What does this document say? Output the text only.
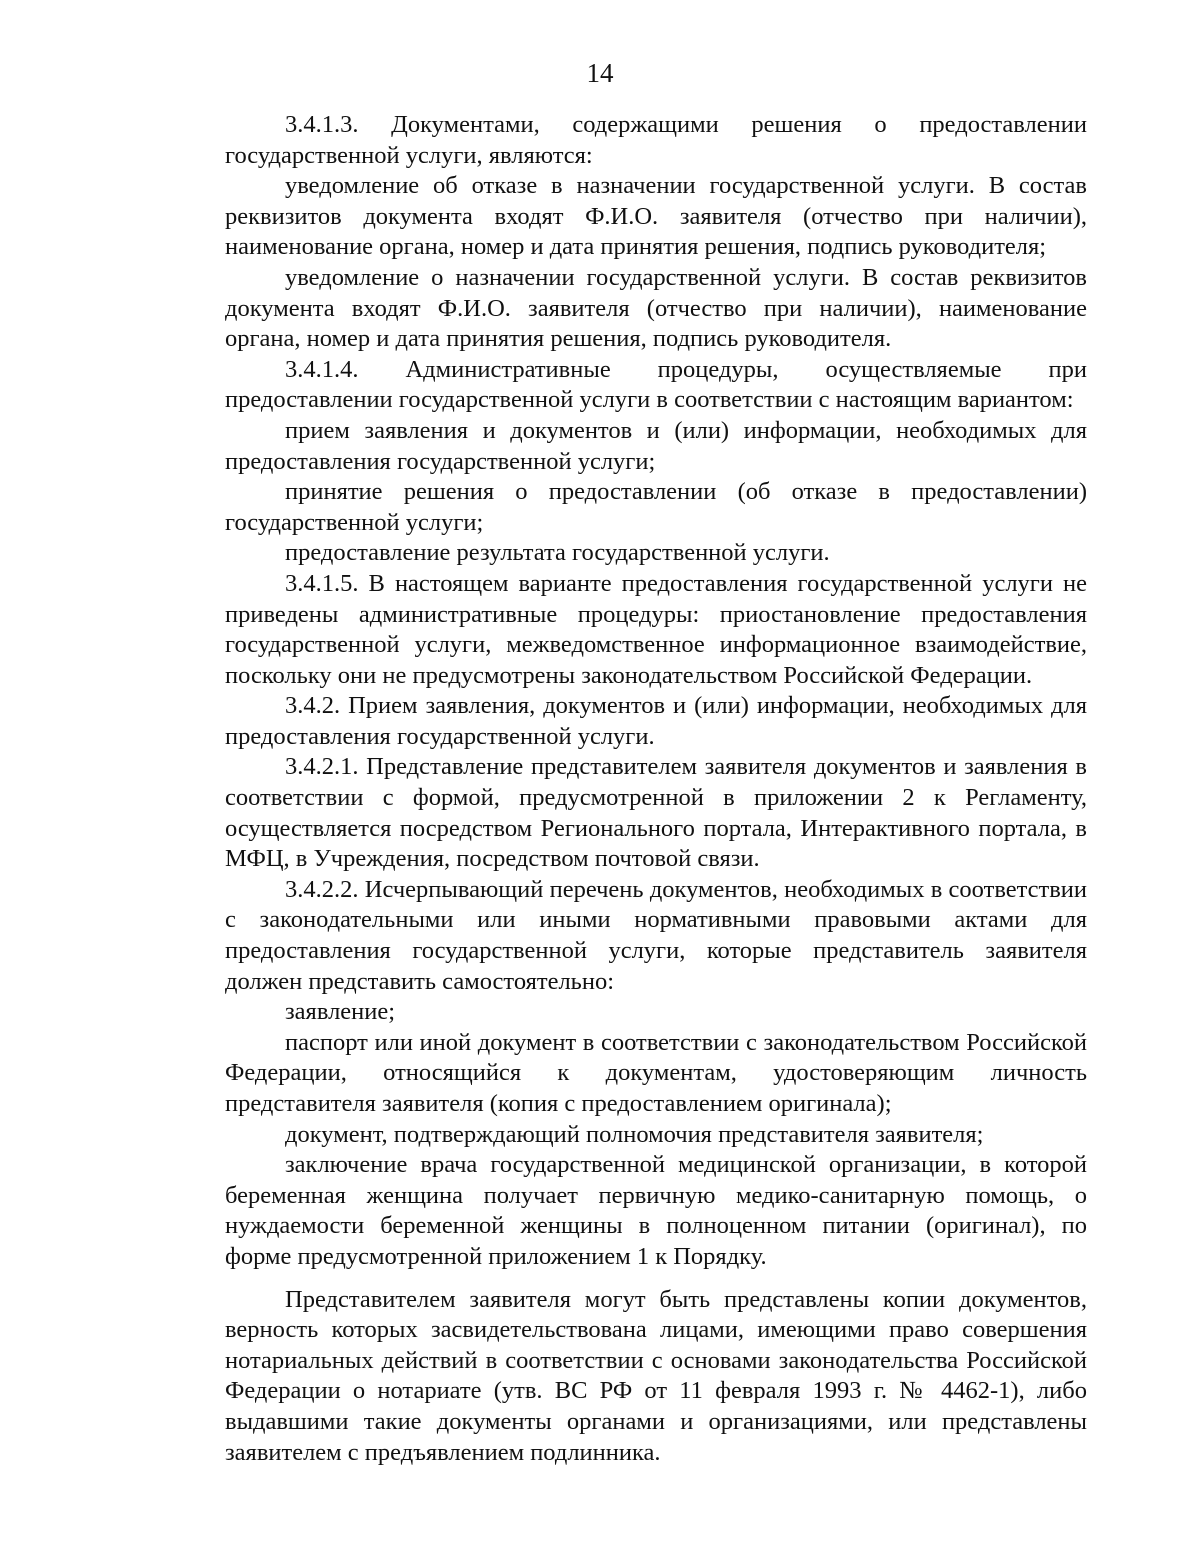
14

3.4.1.3. Документами, содержащими решения о предоставлении государственной услуги, являются:

уведомление об отказе в назначении государственной услуги. В состав реквизитов документа входят Ф.И.О. заявителя (отчество при наличии), наименование органа, номер и дата принятия решения, подпись руководителя;

уведомление о назначении государственной услуги. В состав реквизитов документа входят Ф.И.О. заявителя (отчество при наличии), наименование органа, номер и дата принятия решения, подпись руководителя.

3.4.1.4. Административные процедуры, осуществляемые при предоставлении государственной услуги в соответствии с настоящим вариантом:

прием заявления и документов и (или) информации, необходимых для предоставления государственной услуги;

принятие решения о предоставлении (об отказе в предоставлении) государственной услуги;

предоставление результата государственной услуги.

3.4.1.5. В настоящем варианте предоставления государственной услуги не приведены административные процедуры: приостановление предоставления государственной услуги, межведомственное информационное взаимодействие, поскольку они не предусмотрены законодательством Российской Федерации.

3.4.2. Прием заявления, документов и (или) информации, необходимых для предоставления государственной услуги.

3.4.2.1. Представление представителем заявителя документов и заявления в соответствии с формой, предусмотренной в приложении 2 к Регламенту, осуществляется посредством Регионального портала, Интерактивного портала, в МФЦ, в Учреждения, посредством почтовой связи.

3.4.2.2. Исчерпывающий перечень документов, необходимых в соответствии с законодательными или иными нормативными правовыми актами для предоставления государственной услуги, которые представитель заявителя должен представить самостоятельно:

заявление;

паспорт или иной документ в соответствии с законодательством Российской Федерации, относящийся к документам, удостоверяющим личность представителя заявителя (копия с предоставлением оригинала);

документ, подтверждающий полномочия представителя заявителя;

заключение врача государственной медицинской организации, в которой беременная женщина получает первичную медико-санитарную помощь, о нуждаемости беременной женщины в полноценном питании (оригинал), по форме предусмотренной приложением 1 к Порядку.

Представителем заявителя могут быть представлены копии документов, верность которых засвидетельствована лицами, имеющими право совершения нотариальных действий в соответствии с основами законодательства Российской Федерации о нотариате (утв. ВС РФ от 11 февраля 1993 г. № 4462-1), либо выдавшими такие документы органами и организациями, или представлены заявителем с предъявлением подлинника.
